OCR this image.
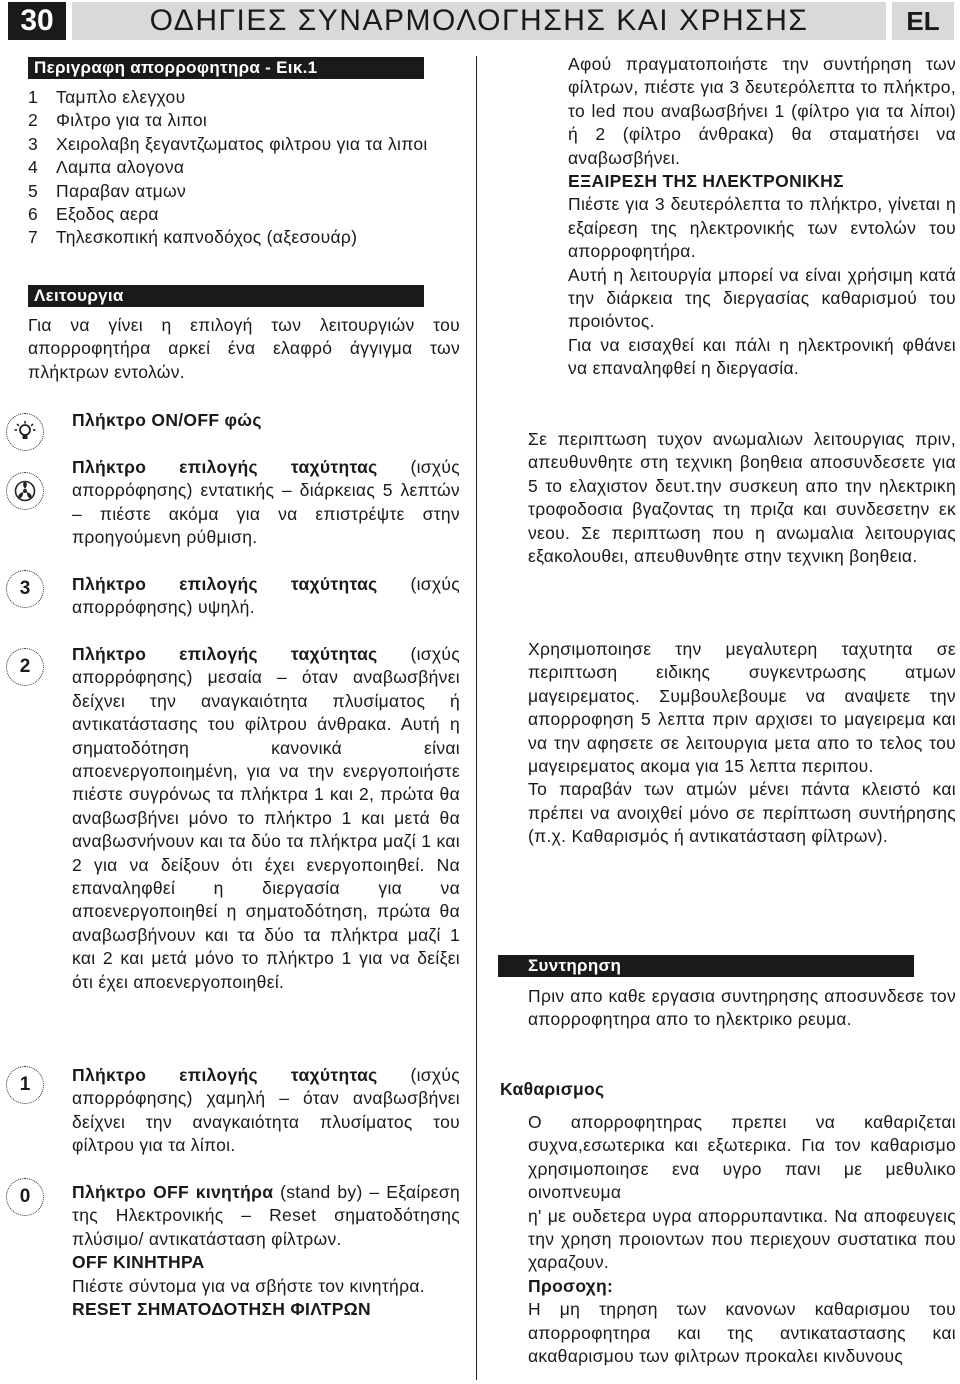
30	ΟΔΗΓΙΕΣ ΣΥΝΑΡΜΟΛΟΓΗΣΗΣ ΚΑΙ ΧΡΗΣΗΣ	EL
Περιγραφη απορροφητηρα - Εικ.1
1	Ταμπλο ελεγχου
2	Φιλτρο για τα λιποι
3	Χειρολαβη ξεγαντζωματος φιλτρου για τα λιποι
4	Λαμπα αλογονα
5	Παραβαν ατμων
6	Εξοδος αερα
7	Τηλεσκοπική καπνοδόχος (αξεσουάρ)
Λειτουργια
Για να γίνει η επιλογή των λειτουργιών του απορροφητήρα αρκεί ένα ελαφρό άγγιγμα των πλήκτρων εντολών.
3
2
1
0
Πλήκτρο ON/OFF φώς
Πλήκτρο επιλογής ταχύτητας (ισχύς απορρόφησης) εντατικής – διάρκειας 5 λεπτών – πιέστε ακόμα για να επιστρέψτε στην προηγούμενη ρύθμιση.
Πλήκτρο επιλογής ταχύτητας (ισχύς απορρόφησης) υψηλή.
Πλήκτρο επιλογής ταχύτητας (ισχύς απορρόφησης) μεσαία – όταν αναβωσβήνει δείχνει την αναγκαιότητα πλυσίματος ή αντικατάστασης του φίλτρου άνθρακα. Αυτή η σηματοδότηση κανονικά είναι αποενεργοποιημένη, για να την ενεργοποιήστε πιέστε συγρόνως τα πλήκτρα 1 και 2, πρώτα θα αναβωσβήνει μόνο το πλήκτρο 1 και μετά θα αναβωσνήνουν και τα δύο τα πλήκτρα μαζί 1 και 2 για να δείξουν ότι έχει ενεργοποιηθεί. Να επαναληφθεί η διεργασία για να αποενεργοποιηθεί η σηματοδότηση, πρώτα θα αναβωσβήνουν και τα δύο τα πλήκτρα μαζί 1 και 2 και μετά μόνο το πλήκτρο 1 για να δείξει ότι έχει αποενεργοποιηθεί.
Πλήκτρο επιλογής ταχύτητας (ισχύς απορρόφησης) χαμηλή – όταν αναβωσβήνει δείχνει την αναγκαιότητα πλυσίματος του φίλτρου για τα λίποι.
Πλήκτρο OFF κινητήρα (stand by) – Εξαίρεση της Ηλεκτρονικής – Reset σηματοδότησης πλύσιμο/ αντικατάσταση φίλτρων.
OFF ΚΙΝΗΤΗΡΑ
Πιέστε σύντομα για να σβήστε τον κινητήρα.
RESET ΣΗΜΑΤΟΔΟΤΗΣΗ ΦΙΛΤΡΩΝ
Αφού πραγματοποιήστε την συντήρηση των φίλτρων, πιέστε για 3 δευτερόλεπτα το πλήκτρο, το led που αναβωσβήνει 1 (φίλτρο για τα λίποι) ή 2 (φίλτρο άνθρακα) θα σταματήσει να αναβωσβήνει.
ΕΞΑΙΡΕΣΗ ΤΗΣ ΗΛΕΚΤΡΟΝΙΚΗΣ
Πιέστε για 3 δευτερόλεπτα το πλήκτρο, γίνεται η εξαίρεση της ηλεκτρονικής των εντολών του απορροφητήρα.
Αυτή η λειτουργία μπορεί να είναι χρήσιμη κατά την διάρκεια της διεργασίας καθαρισμού του προιόντος.
Για να εισαχθεί και πάλι η ηλεκτρονική φθάνει να επαναληφθεί η διεργασία.
Σε περιπτωση τυχον ανωμαλιων λειτουργιας πριν, απευθυνθητε στη τεχνικη βοηθεια αποσυνδεσετε για 5 το ελαχιστον δευτ.την συσκευη απο την ηλεκτρικη τροφοδοσια βγαζοντας τη πριζα και συνδεσετην εκ νεου. Σε περιπτωση που η ανωμαλια λειτουργιας εξακολουθει, απευθυνθητε στην τεχνικη βοηθεια.
Χρησιμοποιησε την μεγαλυτερη ταχυτητα σε περιπτωση ειδικης συγκεντρωσης ατμων μαγειρεματος. Συμβουλεβουμε να αναψετε την απορροφηση 5 λεπτα πριν αρχισει το μαγειρεμα και να την αφησετε σε λειτουργια μετα απο το τελος του μαγειρεματος ακομα για 15 λεπτα περιπου.
Το παραβάν των ατμών μένει πάντα κλειστό και πρέπει να ανοιχθεί μόνο σε περίπτωση συντήρησης (π.χ. Καθαρισμός ή αντικατάσταση φίλτρων).
Συντηρηση
Πριν απο καθε εργασια συντηρησης αποσυνδεσε τον απορροφητηρα απο το ηλεκτρικο ρευμα.
Καθαρισμος
Ο απορροφητηρας πρεπει να καθαριζεται συχνα,εσωτερικα και εξωτερικα. Για τον καθαρισμο χρησιμοποιησε ενα υγρο πανι με μεθυλικο οινοπνευμα
η' με ουδετερα υγρα απορρυπαντικα. Να αποφευγεις την χρηση προιοντων που περιεχουν συστατικα που χαραζουν.
Προσοχη:
Η μη τηρηση των κανονων καθαρισμου του απορροφητηρα και της αντικαταστασης και ακαθαρισμου των φιλτρων προκαλει κινδυνους
